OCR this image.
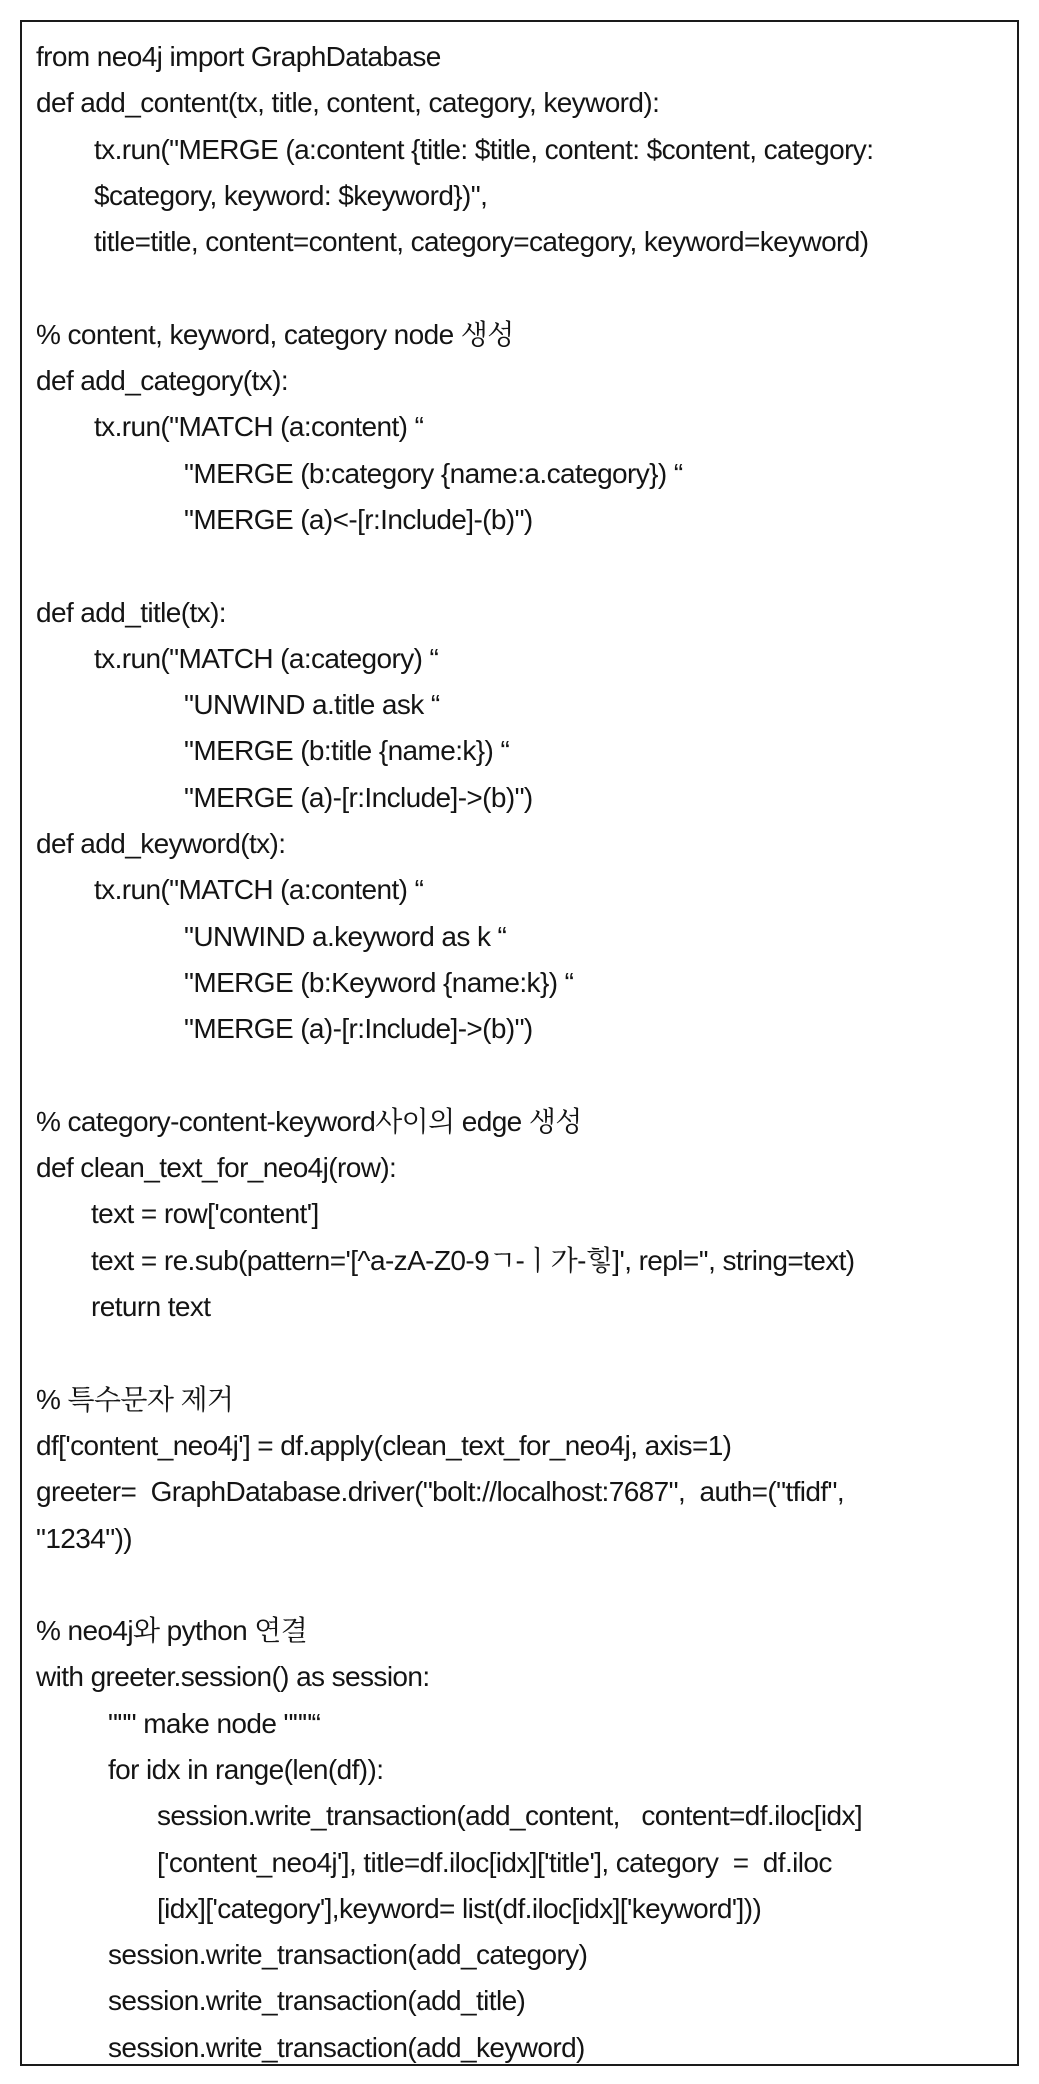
from neo4j import GraphDatabase
def add_content(tx, title, content, category, keyword):
tx.run("MERGE (a:content {title: $title, content: $content, category:
$category, keyword: $keyword})",
title=title, content=content, category=category, keyword=keyword)
% content, keyword, category node 생성
def add_category(tx):
tx.run("MATCH (a:content) “
"MERGE (b:category {name:a.category}) “
"MERGE (a)<-[r:Include]-(b)")
def add_title(tx):
tx.run("MATCH (a:category) “
"UNWIND a.title ask “
"MERGE (b:title {name:k}) “
"MERGE (a)-[r:Include]->(b)")
def add_keyword(tx):
tx.run("MATCH (a:content) “
"UNWIND a.keyword as k “
"MERGE (b:Keyword {name:k}) “
"MERGE (a)-[r:Include]->(b)")
% category-content-keyword사이의 edge 생성
def clean_text_for_neo4j(row):
text = row['content']
text = re.sub(pattern='[^a-zA-Z0-9ㄱ-ㅣ가-힣]', repl='', string=text)
return text
% 특수문자 제거
df['content_neo4j'] = df.apply(clean_text_for_neo4j, axis=1)
greeter=  GraphDatabase.driver("bolt://localhost:7687",  auth=("tfidf",
"1234"))
% neo4j와 python 연결
with greeter.session() as session:
""" make node """“
for idx in range(len(df)):
session.write_transaction(add_content,   content=df.iloc[idx]
['content_neo4j'], title=df.iloc[idx]['title'], category  =  df.iloc
[idx]['category'],keyword= list(df.iloc[idx]['keyword']))
session.write_transaction(add_category)
session.write_transaction(add_title)
session.write_transaction(add_keyword)
